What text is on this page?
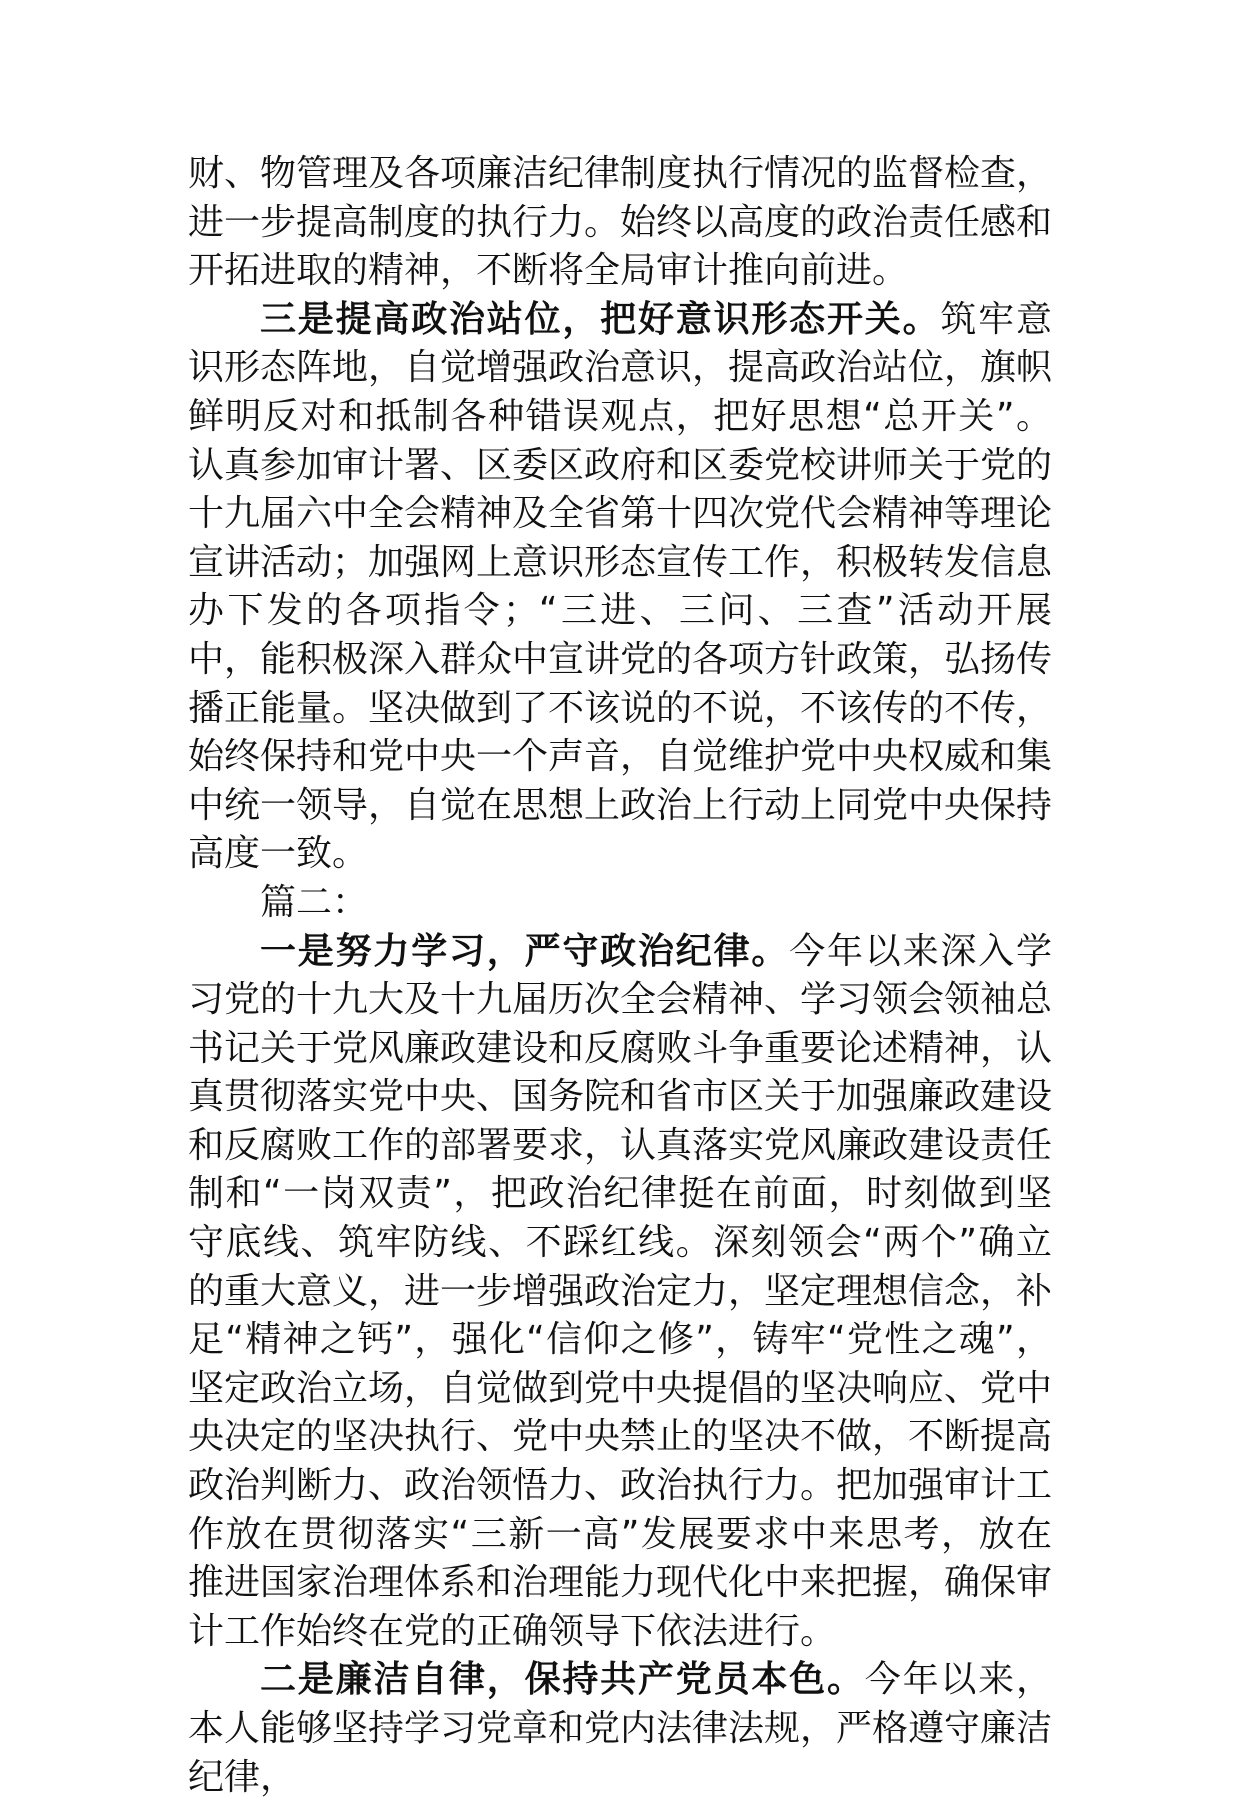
财、物管理及各项廉洁纪律制度执行情况的监督检查，进一步提高制度的执行力。始终以高度的政治责任感和开拓进取的精神，不断将全局审计推向前进。

三是提高政治站位，把好意识形态开关。筑牢意识形态阵地，自觉增强政治意识，提高政治站位，旗帜鲜明反对和抵制各种错误观点，把好思想“总开关”。认真参加审计署、区委区政府和区委党校讲师关于党的十九届六中全会精神及全省第十四次党代会精神等理论宣讲活动；加强网上意识形态宣传工作，积极转发信息办下发的各项指令；“三进、三问、三查”活动开展中，能积极深入群众中宣讲党的各项方针政策，弘扬传播正能量。坚决做到了不该说的不说，不该传的不传，始终保持和党中央一个声音，自觉维护党中央权威和集中统一领导，自觉在思想上政治上行动上同党中央保持高度一致。

篇二：

一是努力学习，严守政治纪律。今年以来深入学习党的十九大及十九届历次全会精神、学习领会领袖总书记关于党风廉政建设和反腐败斗争重要论述精神，认真贯彻落实党中央、国务院和省市区关于加强廉政建设和反腐败工作的部署要求，认真落实党风廉政建设责任制和“一岗双责”，把政治纪律挺在前面，时刻做到坚守底线、筑牢防线、不踩红线。深刻领会“两个”确立的重大意义，进一步增强政治定力，坚定理想信念，补足“精神之钙”，强化“信仰之修”，铸牢“党性之魂”，坚定政治立场，自觉做到党中央提倡的坚决响应、党中央决定的坚决执行、党中央禁止的坚决不做，不断提高政治判断力、政治领悟力、政治执行力。把加强审计工作放在贯彻落实“三新一高”发展要求中来思考，放在推进国家治理体系和治理能力现代化中来把握，确保审计工作始终在党的正确领导下依法进行。

二是廉洁自律，保持共产党员本色。今年以来，本人能够坚持学习党章和党内法律法规，严格遵守廉洁纪律，
